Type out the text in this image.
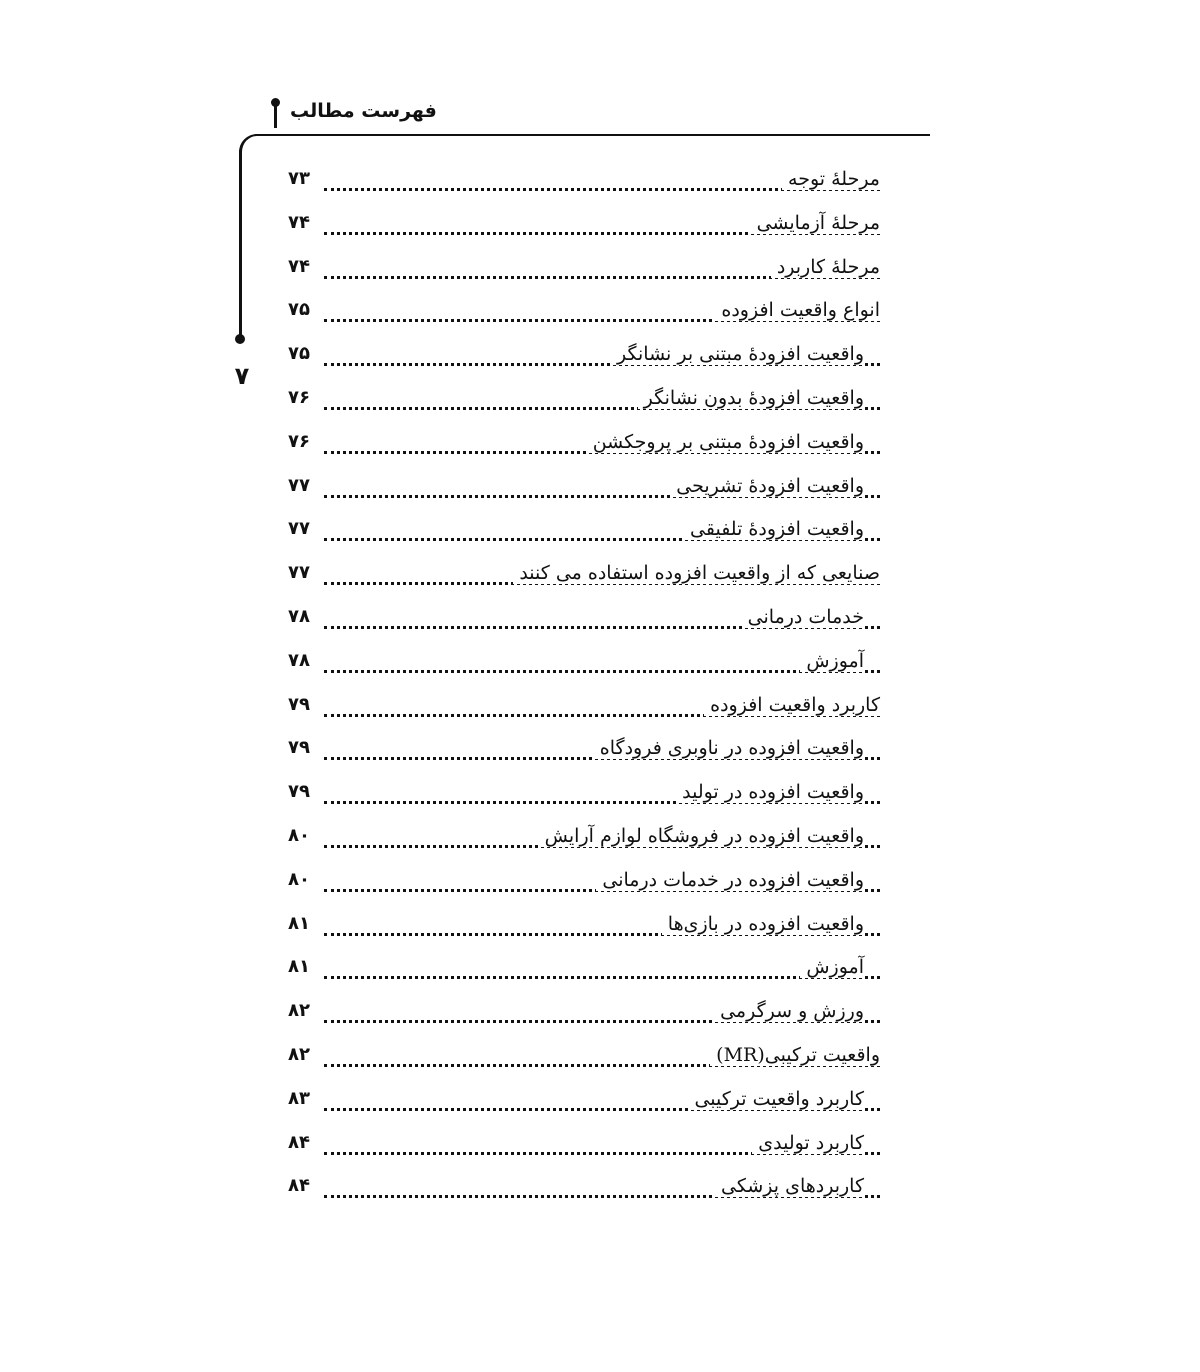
فهرست مطالب
۷
مرحلهٔ توجه
۷۳
مرحلهٔ آزمایشی
۷۴
مرحلهٔ کاربرد
۷۴
انواع واقعیت افزوده
۷۵
واقعیت افزودهٔ مبتنی بر نشانگر
۷۵
واقعیت افزودهٔ بدون نشانگر
۷۶
واقعیت افزودهٔ مبتنی بر پروجکشن
۷۶
واقعیت افزودهٔ تشریحی
۷۷
واقعیت افزودهٔ تلفیقی
۷۷
صنایعی که از واقعیت افزوده استفاده می کنند
۷۷
خدمات درمانی
۷۸
آموزش
۷۸
کاربرد واقعیت افزوده
۷۹
واقعیت افزوده در ناوبری فرودگاه
۷۹
واقعیت افزوده در تولید
۷۹
واقعیت افزوده در فروشگاه لوازم آرایش
۸۰
واقعیت افزوده در خدمات درمانی
۸۰
واقعیت افزوده در بازی‌ها
۸۱
آموزش
۸۱
ورزش و سرگرمی
۸۲
واقعیت ترکیبی(MR)
۸۲
کاربرد واقعیت ترکیبی
۸۳
کاربرد تولیدی
۸۴
کاربردهای پزشکی
۸۴
